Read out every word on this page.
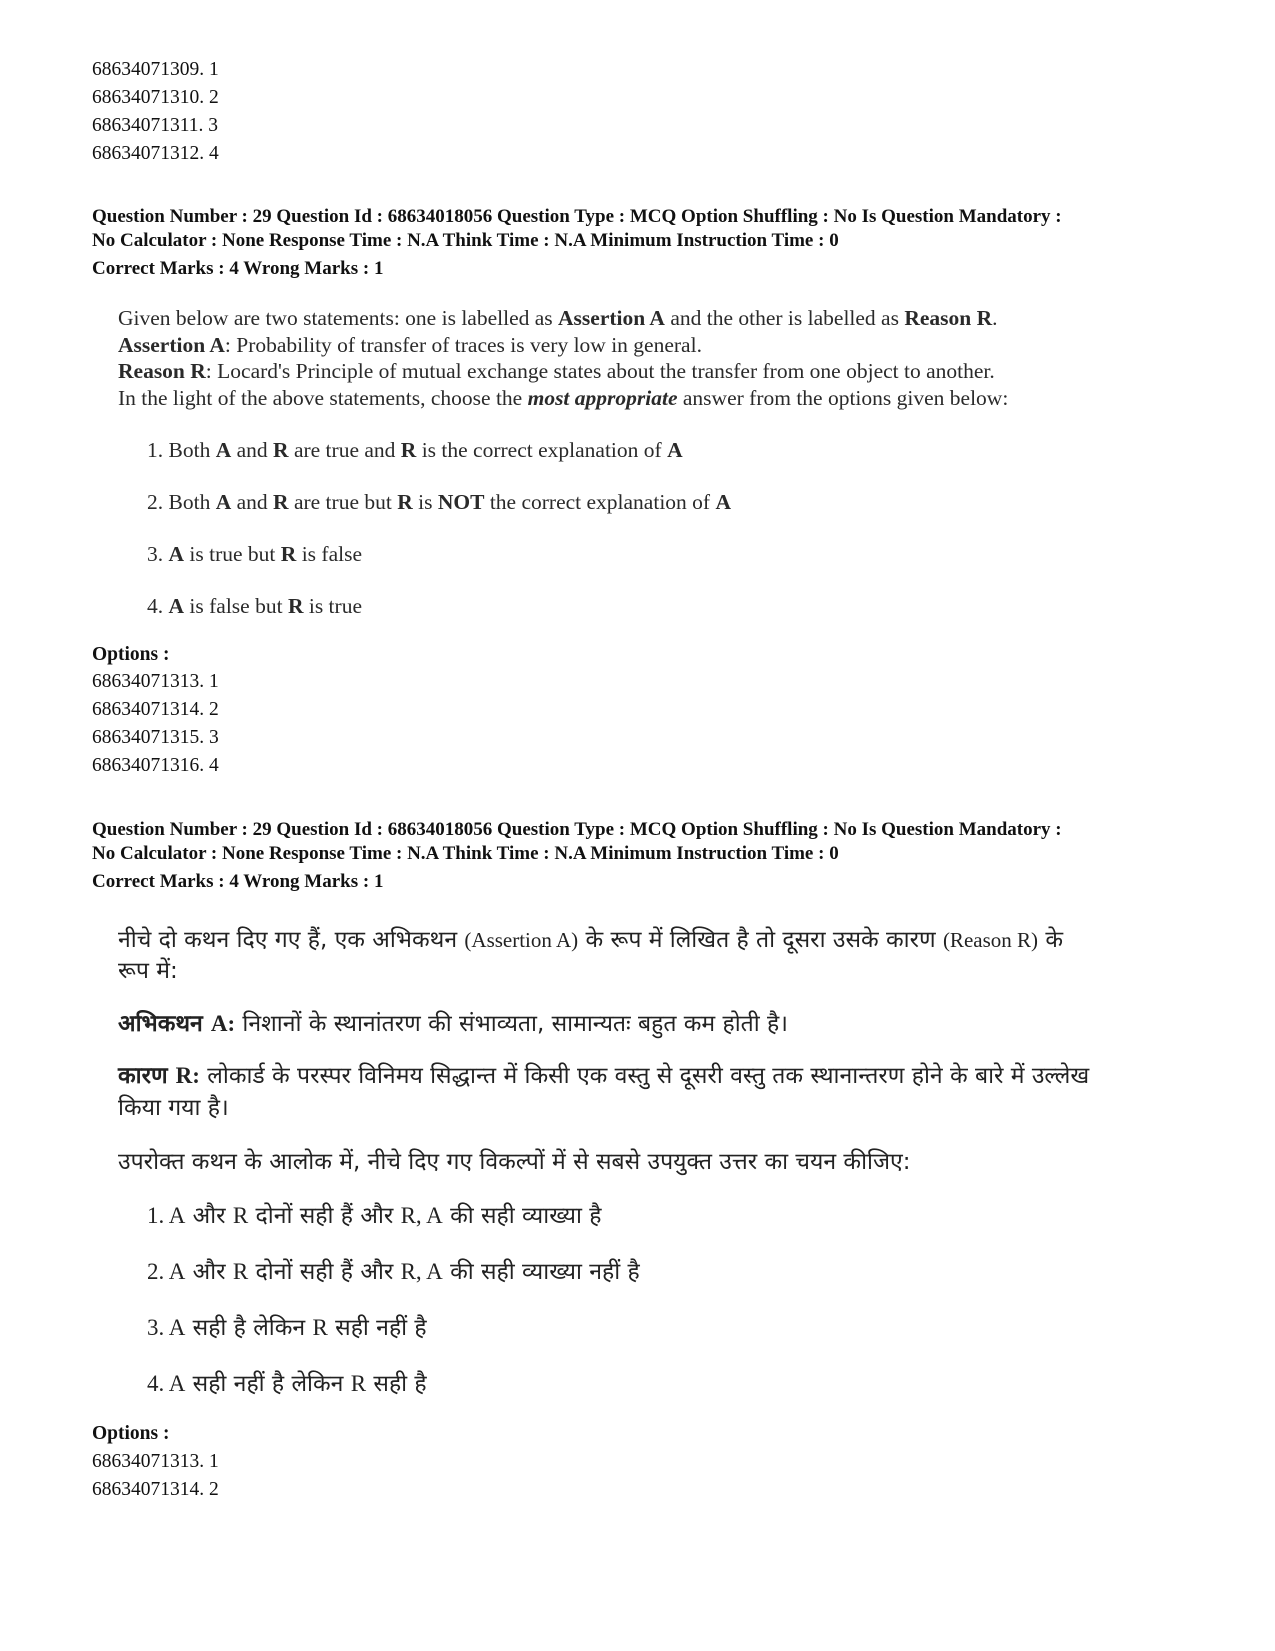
68634071309. 1
68634071310. 2
68634071311. 3
68634071312. 4
Question Number : 29 Question Id : 68634018056 Question Type : MCQ Option Shuffling : No Is Question Mandatory :
No Calculator : None Response Time : N.A Think Time : N.A Minimum Instruction Time : 0
Correct Marks : 4 Wrong Marks : 1
Given below are two statements: one is labelled as Assertion A and the other is labelled as Reason R.
Assertion A: Probability of transfer of traces is very low in general.
Reason R: Locard's Principle of mutual exchange states about the transfer from one object to another.
In the light of the above statements, choose the most appropriate answer from the options given below:
1. Both A and R are true and R is the correct explanation of A
2. Both A and R are true but R is NOT the correct explanation of A
3. A is true but R is false
4. A is false but R is true
Options :
68634071313. 1
68634071314. 2
68634071315. 3
68634071316. 4
Question Number : 29 Question Id : 68634018056 Question Type : MCQ Option Shuffling : No Is Question Mandatory :
No Calculator : None Response Time : N.A Think Time : N.A Minimum Instruction Time : 0
Correct Marks : 4 Wrong Marks : 1
नीचे दो कथन दिए गए हैं, एक अभिकथन (Assertion A) के रूप में लिखित है तो दूसरा उसके कारण (Reason R) के
रूप में:
अभिकथन A: निशानों के स्थानांतरण की संभाव्यता, सामान्यतः बहुत कम होती है।
कारण R: लोकार्ड के परस्पर विनिमय सिद्धान्त में किसी एक वस्तु से दूसरी वस्तु तक स्थानान्तरण होने के बारे में उल्लेख
किया गया है।
उपरोक्त कथन के आलोक में, नीचे दिए गए विकल्पों में से सबसे उपयुक्त उत्तर का चयन कीजिए:
1. A और R दोनों सही हैं और R, A की सही व्याख्या है
2. A और R दोनों सही हैं और R, A की सही व्याख्या नहीं है
3. A सही है लेकिन R सही नहीं है
4. A सही नहीं है लेकिन R सही है
Options :
68634071313. 1
68634071314. 2
